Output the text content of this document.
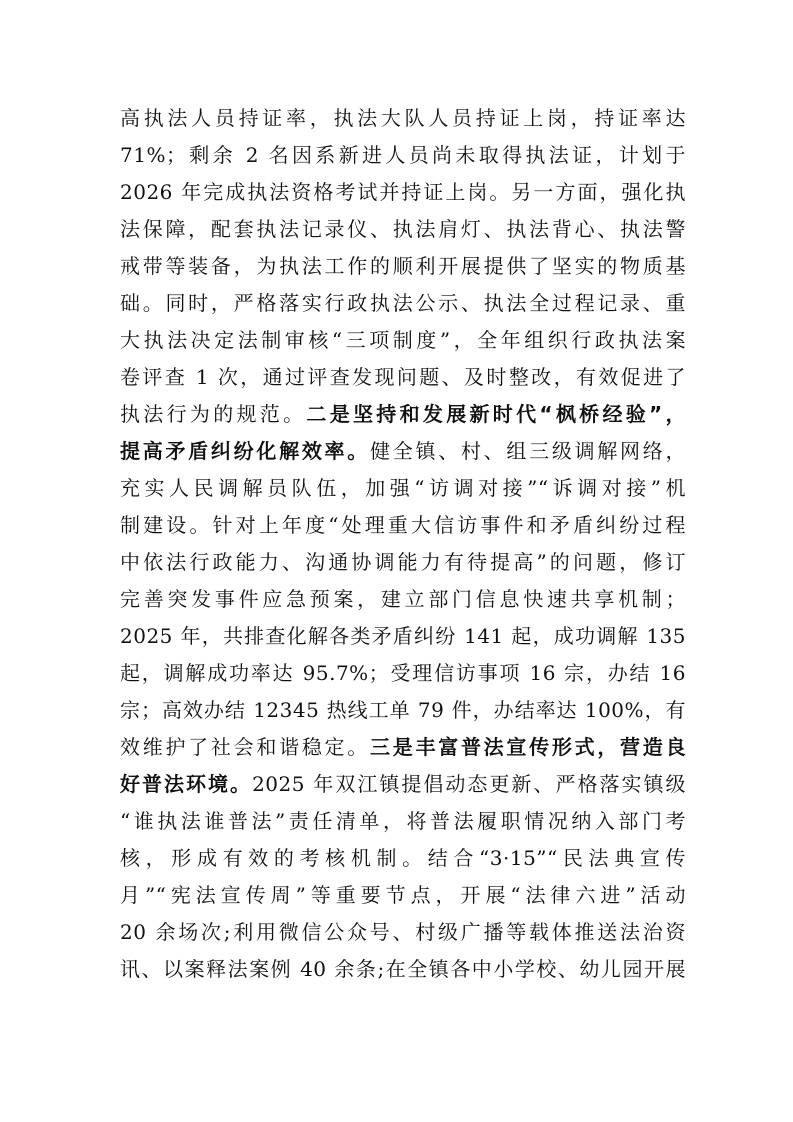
高执法人员持证率，执法大队人员持证上岗，持证率达
71%；剩余 2 名因系新进人员尚未取得执法证，计划于
2026 年完成执法资格考试并持证上岗。另一方面，强化执
法保障，配套执法记录仪、执法肩灯、执法背心、执法警
戒带等装备，为执法工作的顺利开展提供了坚实的物质基
础。同时，严格落实行政执法公示、执法全过程记录、重
大执法决定法制审核“三项制度”，全年组织行政执法案
卷评查 1 次，通过评查发现问题、及时整改，有效促进了
执法行为的规范。二是坚持和发展新时代“枫桥经验”，
提高矛盾纠纷化解效率。健全镇、村、组三级调解网络，
充实人民调解员队伍，加强“访调对接”“诉调对接”机
制建设。针对上年度“处理重大信访事件和矛盾纠纷过程
中依法行政能力、沟通协调能力有待提高”的问题，修订
完善突发事件应急预案，建立部门信息快速共享机制；
2025 年，共排查化解各类矛盾纠纷 141 起，成功调解 135
起，调解成功率达 95.7%；受理信访事项 16 宗，办结 16
宗；高效办结 12345 热线工单 79 件，办结率达 100%，有
效维护了社会和谐稳定。三是丰富普法宣传形式，营造良
好普法环境。2025 年双江镇提倡动态更新、严格落实镇级
“谁执法谁普法”责任清单，将普法履职情况纳入部门考
核，形成有效的考核机制。结合“3·15”“民法典宣传
月”“宪法宣传周”等重要节点，开展“法律六进”活动
20 余场次;利用微信公众号、村级广播等载体推送法治资
讯、以案释法案例 40 余条;在全镇各中小学校、幼儿园开展
